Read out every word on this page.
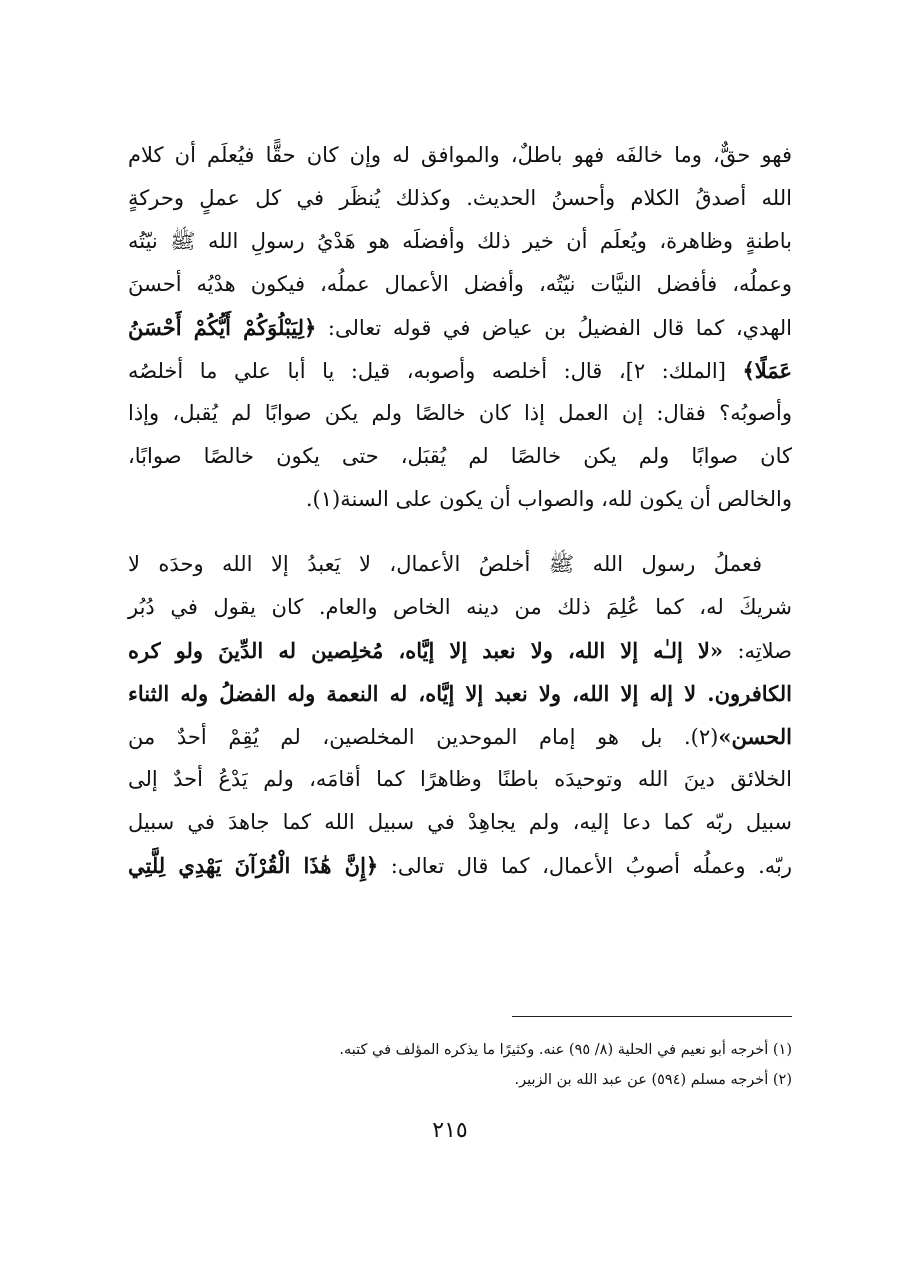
فهو حقٌّ، وما خالفَه فهو باطلٌ، والموافق له وإن كان حقًّا فيُعلَم أن كلام
الله أصدقُ الكلام وأحسنُ الحديث. وكذلك يُنظَر في كل عملٍ وحركةٍ
باطنةٍ وظاهرة، ويُعلَم أن خير ذلك وأفضلَه هو هَدْيُ رسولِ الله ﷺ نيّتُه
وعملُه، فأفضل النيَّات نيّتُه، وأفضل الأعمال عملُه، فيكون هدْيُه أحسنَ
الهدي، كما قال الفضيلُ بن عياض في قوله تعالى: ﴿لِيَبْلُوَكُمْ أَيُّكُمْ أَحْسَنُ
عَمَلًا﴾ [الملك: ٢]، قال: أخلصه وأصوبه، قيل: يا أبا علي ما أخلصُه
وأصوبُه؟ فقال: إن العمل إذا كان خالصًا ولم يكن صوابًا لم يُقبل، وإذا
كان صوابًا ولم يكن خالصًا لم يُقبَل، حتى يكون خالصًا صوابًا،
والخالص أن يكون لله، والصواب أن يكون على السنة(١).
فعملُ رسول الله ﷺ أخلصُ الأعمال، لا يَعبدُ إلا الله وحدَه لا
شريكَ له، كما عُلِمَ ذلك من دينه الخاص والعام. كان يقول في دُبُر
صلاتِه: «لا إلـٰه إلا الله، ولا نعبد إلا إيَّاه، مُخلِصين له الدِّينَ ولو كره
الكافرون. لا إله إلا الله، ولا نعبد إلا إيَّاه، له النعمة وله الفضلُ وله الثناء
الحسن»(٢). بل هو إمام الموحدين المخلصين، لم يُقِمْ أحدٌ من
الخلائق دينَ الله وتوحيدَه باطنًا وظاهرًا كما أقامَه، ولم يَدْعُ أحدٌ إلى
سبيل ربّه كما دعا إليه، ولم يجاهِدْ في سبيل الله كما جاهدَ في سبيل
ربّه. وعملُه أصوبُ الأعمال، كما قال تعالى: ﴿إِنَّ هَٰذَا الْقُرْآنَ يَهْدِي لِلَّتِي
(١) أخرجه أبو نعيم في الحلية (٨/ ٩٥) عنه. وكثيرًا ما يذكره المؤلف في كتبه.
(٢) أخرجه مسلم (٥٩٤) عن عبد الله بن الزبير.
٢١٥
